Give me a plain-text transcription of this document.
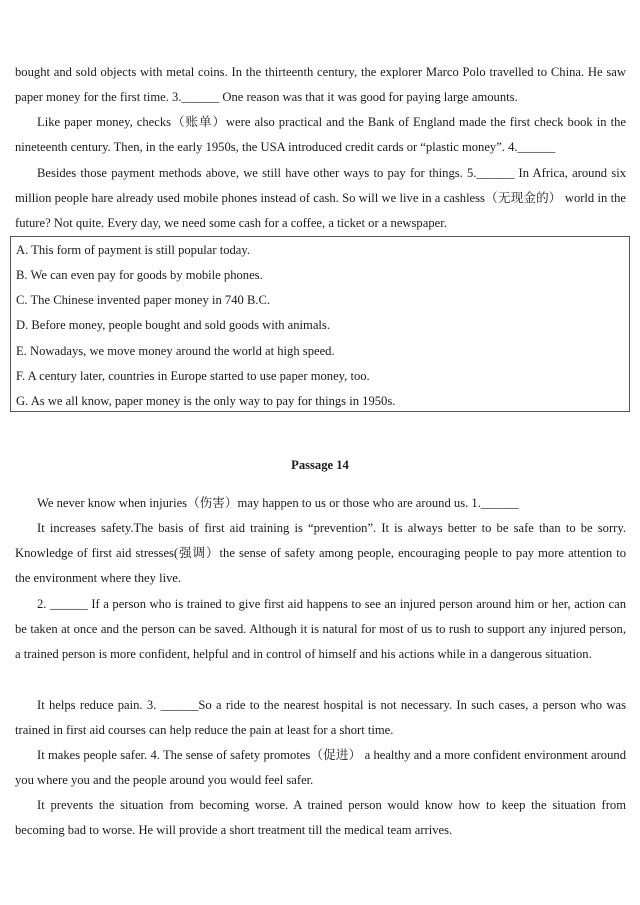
bought and sold objects with metal coins. In the thirteenth century, the explorer Marco Polo travelled to China. He saw paper money for the first time. 3.______ One reason was that it was good for paying large amounts.

Like paper money, checks（账单）were also practical and the Bank of England made the first check book in the nineteenth century. Then, in the early 1950s, the USA introduced credit cards or “plastic money”. 4.______

Besides those payment methods above, we still have other ways to pay for things. 5.______ In Africa, around six million people hare already used mobile phones instead of cash. So will we live in a cashless（无现金的） world in the future? Not quite. Every day, we need some cash for a coffee, a ticket or a newspaper.

A. This form of payment is still popular today.
B. We can even pay for goods by mobile phones.
C. The Chinese invented paper money in 740 B.C.
D. Before money, people bought and sold goods with animals.
E. Nowadays, we move money around the world at high speed.
F. A century later, countries in Europe started to use paper money, too.
G. As we all know, paper money is the only way to pay for things in 1950s.
Passage 14

We never know when injuries（伤害）may happen to us or those who are around us. 1.______

It increases safety.The basis of first aid training is “prevention”. It is always better to be safe than to be sorry. Knowledge of first aid stresses(强调）the sense of safety among people, encouraging people to pay more attention to the environment where they live.

2. ______ If a person who is trained to give first aid happens to see an injured person around him or her, action can be taken at once and the person can be saved. Although it is natural for most of us to rush to support any injured person, a trained person is more confident, helpful and in control of himself and his actions while in a dangerous situation.

It helps reduce pain. 3. ______So a ride to the nearest hospital is not necessary. In such cases, a person who was trained in first aid courses can help reduce the pain at least for a short time.

It makes people safer. 4. The sense of safety promotes（促进） a healthy and a more confident environment around you where you and the people around you would feel safer.

It prevents the situation from becoming worse. A trained person would know how to keep the situation from becoming bad to worse. He will provide a short treatment till the medical team arrives.
